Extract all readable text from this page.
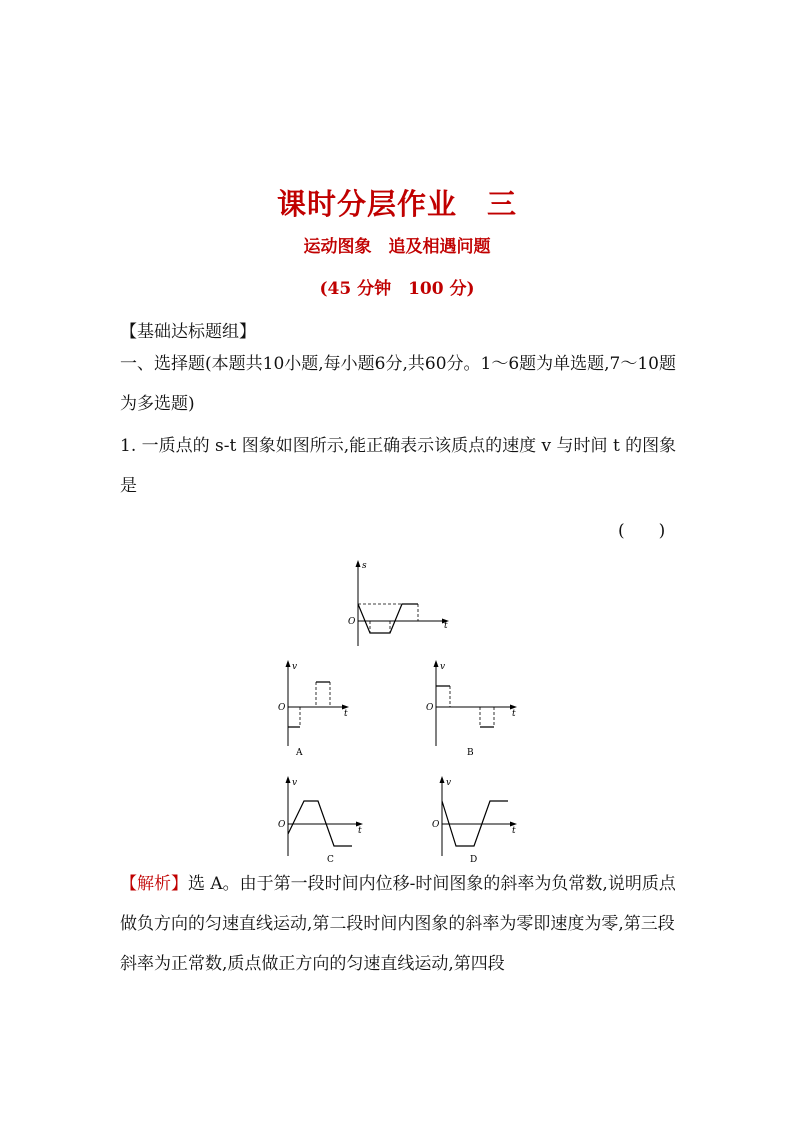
课时分层作业　三
运动图象　追及相遇问题
(45 分钟　100 分)
【基础达标题组】
一、选择题(本题共10小题,每小题6分,共60分。1～6题为单选题,7～10题为多选题)
1. 一质点的 s-t 图象如图所示,能正确表示该质点的速度 v 与时间 t 的图象是
(　　)
s
t
O
v
t
O
A
v
t
O
B
v
t
O
C
v
t
O
D
【解析】选 A。由于第一段时间内位移-时间图象的斜率为负常数,说明质点做负方向的匀速直线运动,第二段时间内图象的斜率为零即速度为零,第三段斜率为正常数,质点做正方向的匀速直线运动,第四段
